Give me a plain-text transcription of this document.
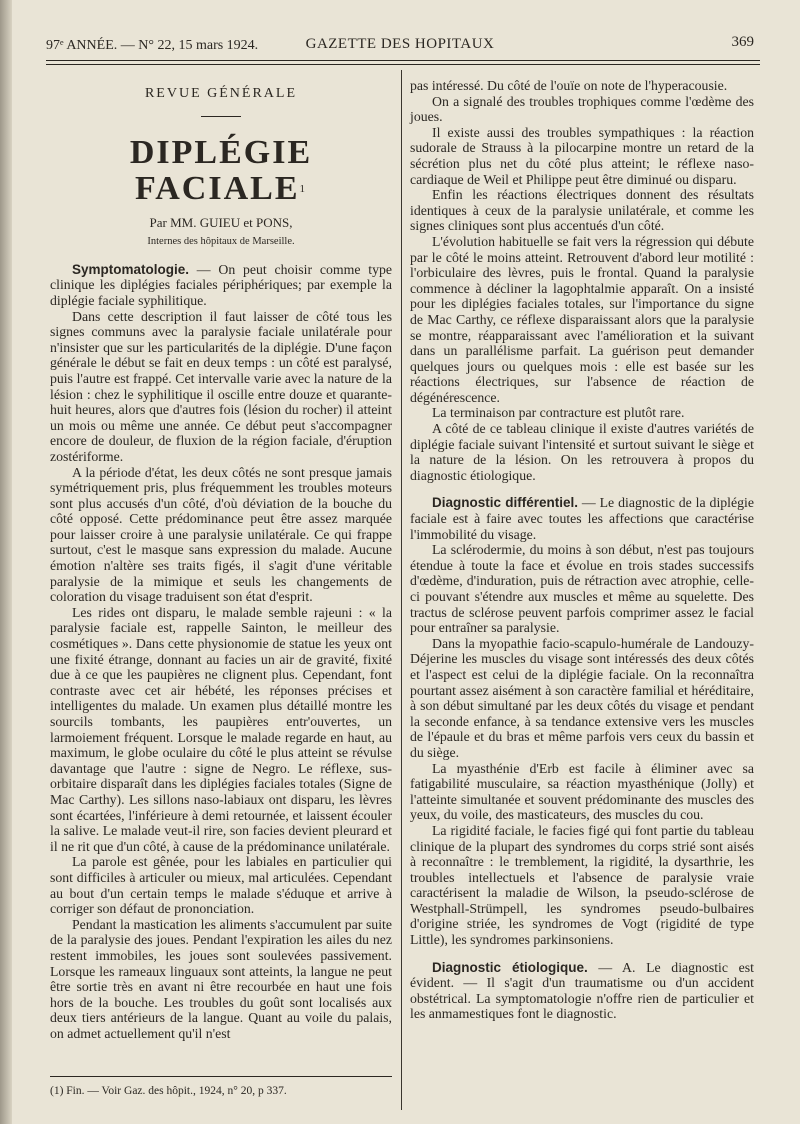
97ᵉ ANNÉE. — N° 22, 15 mars 1924.	GAZETTE DES HOPITAUX	369

REVUE GÉNÉRALE

DIPLÉGIE FACIALE$^1$

Par MM. GUIEU et PONS,

Internes des hôpitaux de Marseille.

Symptomatologie. — On peut choisir comme type clinique les diplégies faciales périphériques; par exemple la diplégie faciale syphilitique.

Dans cette description il faut laisser de côté tous les signes communs avec la paralysie faciale unilatérale pour n'insister que sur les particularités de la diplégie. D'une façon générale le début se fait en deux temps : un côté est paralysé, puis l'autre est frappé. Cet intervalle varie avec la nature de la lésion : chez le syphilitique il oscille entre douze et quarante-huit heures, alors que d'autres fois (lésion du rocher) il atteint un mois ou même une année. Ce début peut s'accompagner encore de douleur, de fluxion de la région faciale, d'éruption zostériforme.

A la période d'état, les deux côtés ne sont presque jamais symétriquement pris, plus fréquemment les troubles moteurs sont plus accusés d'un côté, d'où déviation de la bouche du côté opposé. Cette prédominance peut être assez marquée pour laisser croire à une paralysie unilatérale. Ce qui frappe surtout, c'est le masque sans expression du malade. Aucune émotion n'altère ses traits figés, il s'agit d'une véritable paralysie de la mimique et seuls les changements de coloration du visage traduisent son état d'esprit.

Les rides ont disparu, le malade semble rajeuni : « la paralysie faciale est, rappelle Sainton, le meilleur des cosmétiques ». Dans cette physionomie de statue les yeux ont une fixité étrange, donnant au facies un air de gravité, fixité due à ce que les paupières ne clignent plus. Cependant, font contraste avec cet air hébété, les réponses précises et intelligentes du malade. Un examen plus détaillé montre les sourcils tombants, les paupières entr'ouvertes, un larmoiement fréquent. Lorsque le malade regarde en haut, au maximum, le globe oculaire du côté le plus atteint se révulse davantage que l'autre : signe de Negro. Le réflexe, sus-orbitaire disparaît dans les diplégies faciales totales (Signe de Mac Carthy). Les sillons naso-labiaux ont disparu, les lèvres sont écartées, l'inférieure à demi retournée, et laissent écouler la salive. Le malade veut-il rire, son facies devient pleurard et il ne rit que d'un côté, à cause de la prédominance unilatérale.

La parole est gênée, pour les labiales en particulier qui sont difficiles à articuler ou mieux, mal articulées. Cependant au bout d'un certain temps le malade s'éduque et arrive à corriger son défaut de prononciation.

Pendant la mastication les aliments s'accumulent par suite de la paralysie des joues. Pendant l'expiration les ailes du nez restent immobiles, les joues sont soulevées passivement. Lorsque les rameaux linguaux sont atteints, la langue ne peut être sortie très en avant ni être recourbée en haut une fois hors de la bouche. Les troubles du goût sont localisés aux deux tiers antérieurs de la langue. Quant au voile du palais, on admet actuellement qu'il n'est

(1) Fin. — Voir Gaz. des hôpit., 1924, n° 20, p 337.

pas intéressé. Du côté de l'ouïe on note de l'hyperacousie.

On a signalé des troubles trophiques comme l'œdème des joues.

Il existe aussi des troubles sympathiques : la réaction sudorale de Strauss à la pilocarpine montre un retard de la sécrétion plus net du côté plus atteint; le réflexe naso-cardiaque de Weil et Philippe peut être diminué ou disparu.

Enfin les réactions électriques donnent des résultats identiques à ceux de la paralysie unilatérale, et comme les signes cliniques sont plus accentués d'un côté.

L'évolution habituelle se fait vers la régression qui débute par le côté le moins atteint. Retrouvent d'abord leur motilité : l'orbiculaire des lèvres, puis le frontal. Quand la paralysie commence à décliner la lagophtalmie apparaît. On a insisté pour les diplégies faciales totales, sur l'importance du signe de Mac Carthy, ce réflexe disparaissant alors que la paralysie se montre, réapparaissant avec l'amélioration et la suivant dans un parallélisme parfait. La guérison peut demander quelques jours ou quelques mois : elle est basée sur les réactions électriques, sur l'absence de réaction de dégénérescence.

La terminaison par contracture est plutôt rare.

A côté de ce tableau clinique il existe d'autres variétés de diplégie faciale suivant l'intensité et surtout suivant le siège et la nature de la lésion. On les retrouvera à propos du diagnostic étiologique.

Diagnostic différentiel. — Le diagnostic de la diplégie faciale est à faire avec toutes les affections que caractérise l'immobilité du visage.

La sclérodermie, du moins à son début, n'est pas toujours étendue à toute la face et évolue en trois stades successifs d'œdème, d'induration, puis de rétraction avec atrophie, celle-ci pouvant s'étendre aux muscles et même au squelette. Des tractus de sclérose peuvent parfois comprimer assez le facial pour entraîner sa paralysie.

Dans la myopathie facio-scapulo-humérale de Landouzy-Déjerine les muscles du visage sont intéressés des deux côtés et l'aspect est celui de la diplégie faciale. On la reconnaîtra pourtant assez aisément à son caractère familial et héréditaire, à son début simultané par les deux côtés du visage et pendant la seconde enfance, à sa tendance extensive vers les muscles de l'épaule et du bras et même parfois vers ceux du bassin et du siège.

La myasthénie d'Erb est facile à éliminer avec sa fatigabilité musculaire, sa réaction myasthénique (Jolly) et l'atteinte simultanée et souvent prédominante des muscles des yeux, du voile, des masticateurs, des muscles du cou.

La rigidité faciale, le facies figé qui font partie du tableau clinique de la plupart des syndromes du corps strié sont aisés à reconnaître : le tremblement, la rigidité, la dysarthrie, les troubles intellectuels et l'absence de paralysie vraie caractérisent la maladie de Wilson, la pseudo-sclérose de Westphall-Strümpell, les syndromes pseudo-bulbaires d'origine striée, les syndromes de Vogt (rigidité de type Little), les syndromes parkinsoniens.

Diagnostic étiologique. — A. Le diagnostic est évident. — Il s'agit d'un traumatisme ou d'un accident obstétrical. La symptomatologie n'offre rien de particulier et les anmamestiques font le diagnostic.
